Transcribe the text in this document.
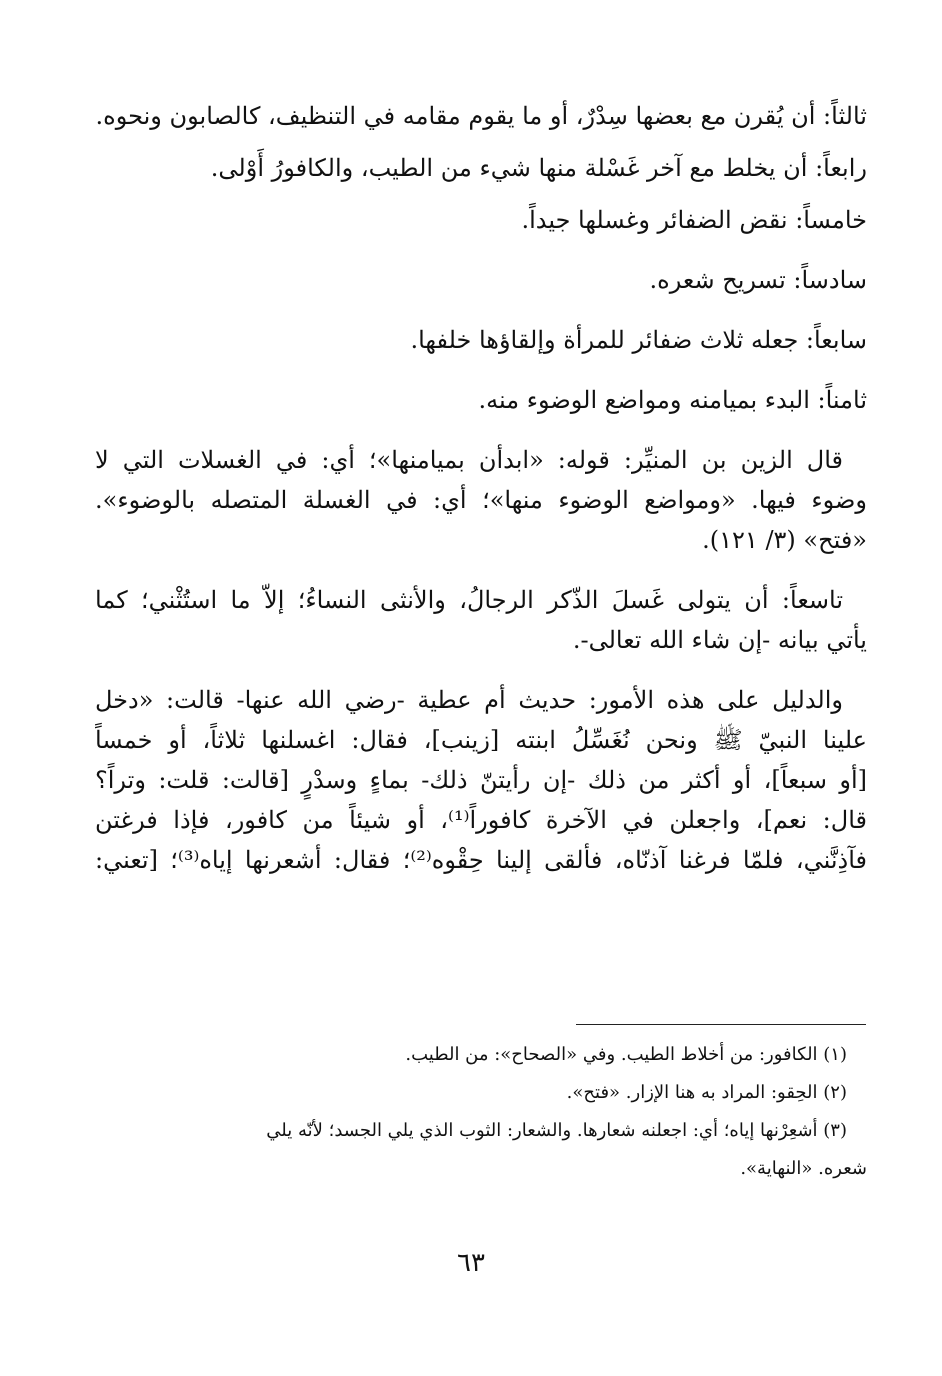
ثالثاً: أن يُقرن مع بعضها سِدْرٌ، أو ما يقوم مقامه في التنظيف، كالصابون ونحوه.
رابعاً: أن يخلط مع آخر غَسْلة منها شيء من الطيب، والكافورُ أَوْلى.
خامساً: نقض الضفائر وغسلها جيداً.
سادساً: تسريح شعره.
سابعاً: جعله ثلاث ضفائر للمرأة وإلقاؤها خلفها.
ثامناً: البدء بميامنه ومواضع الوضوء منه.
قال الزين بن المنيِّر: قوله: «ابدأن بميامنها»؛ أي: في الغسلات التي لا
وضوء فيها. «ومواضع الوضوء منها»؛ أي: في الغسلة المتصله بالوضوء».
«فتح» (٣/ ١٢١).
تاسعاً: أن يتولى غَسلَ الذّكر الرجالُ، والأنثى النساءُ؛ إلاّ ما استُثْني؛ كما
يأتي بيانه -إن شاء الله تعالى-.
والدليل على هذه الأمور: حديث أم عطية -رضي الله عنها- قالت: «دخل
علينا النبيّ ﷺ ونحن نُغَسِّلُ ابنته [زينب]، فقال: اغسلنها ثلاثاً، أو خمساً
[أو سبعاً]، أو أكثر من ذلك -إن رأيتنّ ذلك- بماءٍ وسدْرٍ [قالت: قلت: وتراً؟
قال: نعم]، واجعلن في الآخرة كافوراً⁽¹⁾، أو شيئاً من كافور، فإذا فرغتن
فآذِنَّني، فلمّا فرغنا آذنّاه، فألقى إلينا حِقْوه⁽²⁾؛ فقال: أشعرنها إياه⁽³⁾؛ [تعني:
(١) الكافور: من أخلاط الطيب. وفي «الصحاح»: من الطيب.
(٢) الحِقو: المراد به هنا الإزار. «فتح».
(٣) أشعِرْنها إياه؛ أي: اجعلنه شعارها. والشعار: الثوب الذي يلي الجسد؛ لأنّه يلي
شعره. «النهاية».
٦٣
